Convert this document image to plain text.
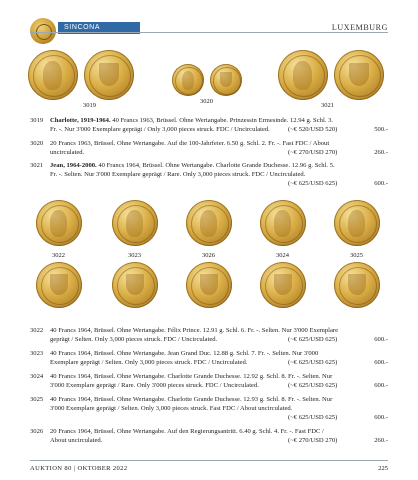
SINCONA	LUXEMBURG
3019
3020
3021
3019 Charlotte, 1919-1964. 40 Francs 1963, Brüssel. Ohne Wertangabe. Prinzessin Ermesinde. 12.94 g. Schl. 3.
Fr. -. Nur 3'000 Exemplare geprägt / Only 3,000 pieces struck. FDC / Uncirculated.	(~€ 520/USD 520)	500.-
3020 20 Francs 1963, Brüssel. Ohne Wertangabe. Auf die 100-Jahrfeier. 6.50 g. Schl. 2. Fr. -. Fast FDC / About
uncirculated.	(~€ 270/USD 270)	260.-
3021 Jean, 1964-2000. 40 Francs 1964, Brüssel. Ohne Wertangabe. Charlotte Grande Duchesse. 12.96 g. Schl. 5.
Fr. -. Selten. Nur 3'000 Exemplare geprägt / Rare. Only 3,000 pieces struck. FDC / Uncirculated.
(~€ 625/USD 625)	600.-
3022	3023	3026	3024	3025
3022 40 Francs 1964, Brüssel. Ohne Wertangabe. Félix Prince. 12.91 g. Schl. 6. Fr. -. Selten. Nur 3'000 Exemplare
geprägt / Selten. Only 3,000 pieces struck. FDC / Uncirculated.	(~€ 625/USD 625)	600.-
3023 40 Francs 1964, Brüssel. Ohne Wertangabe. Jean Grand Duc. 12.88 g. Schl. 7. Fr. -. Selten. Nur 3'000
Exemplare geprägt / Selten. Only 3,000 pieces struck. FDC / Uncirculated.	(~€ 625/USD 625)	600.-
3024 40 Francs 1964, Brüssel. Ohne Wertangabe. Charlotte Grande Duchesse. 12.92 g. Schl. 8. Fr. -. Selten. Nur
3'000 Exemplare geprägt / Rare. Only 3'000 pieces struck. FDC / Uncirculated.	(~€ 625/USD 625)	600.-
3025 40 Francs 1964, Brüssel. Ohne Wertangabe. Charlotte Grande Duchesse. 12.93 g. Schl. 8. Fr. -. Selten. Nur
3'000 Exemplare geprägt / Selten. Only 3,000 pieces struck. Fast FDC / About uncirculated.
(~€ 625/USD 625)	600.-
3026 20 Francs 1964, Brüssel. Ohne Wertangabe. Auf den Regierungsantritt. 6.40 g. Schl. 4. Fr. -. Fast FDC /
About uncirculated.	(~€ 270/USD 270)	260.-
AUKTION 80 | OKTOBER 2022	225
